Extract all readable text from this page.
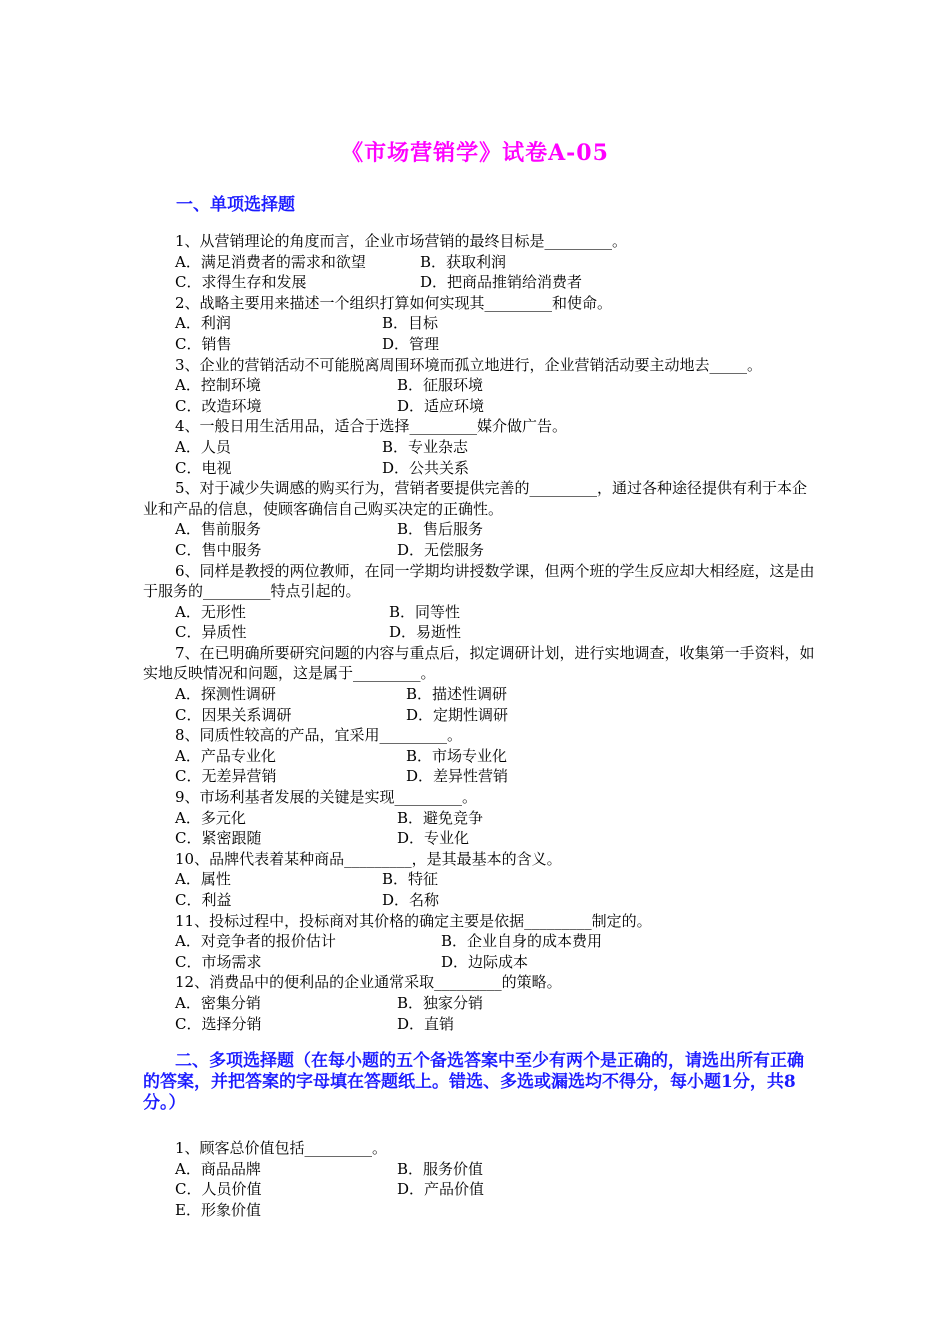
《市场营销学》试卷A-05
一、单项选择题
1、从营销理论的角度而言，企业市场营销的最终目标是_________。
A．满足消费者的需求和欲望	B．获取利润
C．求得生存和发展	D．把商品推销给消费者
2、战略主要用来描述一个组织打算如何实现其_________和使命。
A．利润	B．目标
C．销售	D．管理
3、企业的营销活动不可能脱离周围环境而孤立地进行，企业营销活动要主动地去_____。
A．控制环境	B．征服环境
C．改造环境	D．适应环境
4、一般日用生活用品，适合于选择_________媒介做广告。
A．人员	B．专业杂志
C．电视	D．公共关系
5、对于减少失调感的购买行为，营销者要提供完善的_________，通过各种途径提供有利于本企业和产品的信息，使顾客确信自己购买决定的正确性。
A．售前服务	B．售后服务
C．售中服务	D．无偿服务
6、同样是教授的两位教师，在同一学期均讲授数学课，但两个班的学生反应却大相经庭，这是由于服务的_________特点引起的。
A．无形性	B．同等性
C．异质性	D．易逝性
7、在已明确所要研究问题的内容与重点后，拟定调研计划，进行实地调查，收集第一手资料，如实地反映情况和问题，这是属于_________。
A．探测性调研	B．描述性调研
C．因果关系调研	D．定期性调研
8、同质性较高的产品，宜采用_________。
A．产品专业化	B．市场专业化
C．无差异营销	D．差异性营销
9、市场利基者发展的关键是实现_________。
A．多元化	B．避免竞争
C．紧密跟随	D．专业化
10、品牌代表着某种商品_________，是其最基本的含义。
A．属性	B．特征
C．利益	D．名称
11、投标过程中，投标商对其价格的确定主要是依据_________制定的。
A．对竞争者的报价估计	B．企业自身的成本费用
C．市场需求	D．边际成本
12、消费品中的便利品的企业通常采取_________的策略。
A．密集分销	B．独家分销
C．选择分销	D．直销
二、多项选择题（在每小题的五个备选答案中至少有两个是正确的，请选出所有正确的答案，并把答案的字母填在答题纸上。错选、多选或漏选均不得分，每小题1分，共8分。）
1、顾客总价值包括_________。
A．商品品牌	B．服务价值
C．人员价值	D．产品价值
E．形象价值
